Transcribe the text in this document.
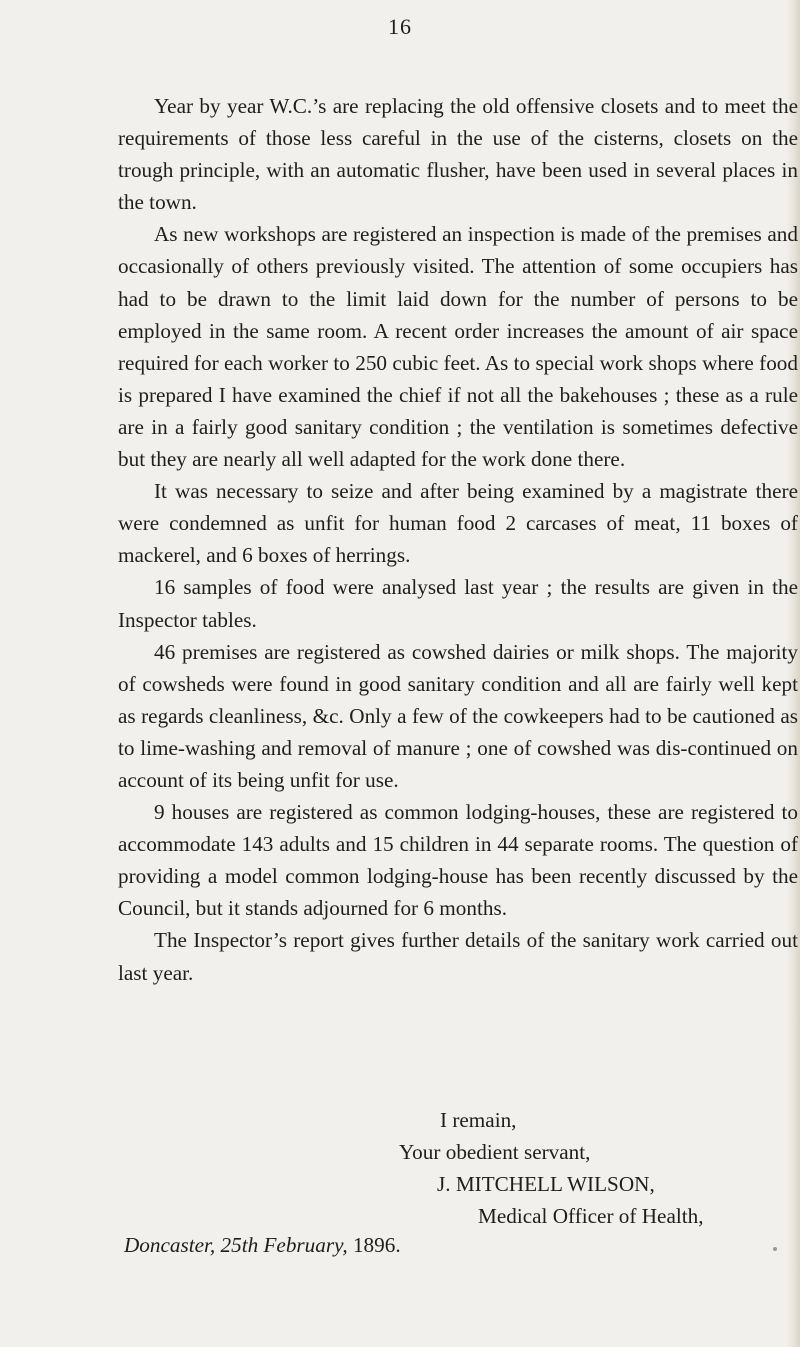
16

Year by year W.C.’s are replacing the old offensive closets and to meet the requirements of those less careful in the use of the cisterns, closets on the trough principle, with an automatic flusher, have been used in several places in the town.

As new workshops are registered an inspection is made of the premises and occasionally of others previously visited. The attention of some occupiers has had to be drawn to the limit laid down for the number of persons to be employed in the same room. A recent order increases the amount of air space required for each worker to 250 cubic feet. As to special work shops where food is prepared I have examined the chief if not all the bakehouses ; these as a rule are in a fairly good sanitary condition ; the ventilation is sometimes defective but they are nearly all well adapted for the work done there.

It was necessary to seize and after being examined by a magistrate there were condemned as unfit for human food 2 carcases of meat, 11 boxes of mackerel, and 6 boxes of herrings.

16 samples of food were analysed last year ; the results are given in the Inspector tables.

46 premises are registered as cowshed dairies or milk shops. The majority of cowsheds were found in good sanitary condition and all are fairly well kept as regards cleanliness, &c. Only a few of the cowkeepers had to be cautioned as to lime-washing and removal of manure ; one of cowshed was dis-continued on account of its being unfit for use.

9 houses are registered as common lodging-houses, these are registered to accommodate 143 adults and 15 children in 44 separate rooms. The question of providing a model common lodging-house has been recently discussed by the Council, but it stands adjourned for 6 months.

The Inspector’s report gives further details of the sanitary work carried out last year.

I remain,
Your obedient servant,
J. MITCHELL WILSON,
Medical Officer of Health,
Doncaster, 25th February, 1896.
